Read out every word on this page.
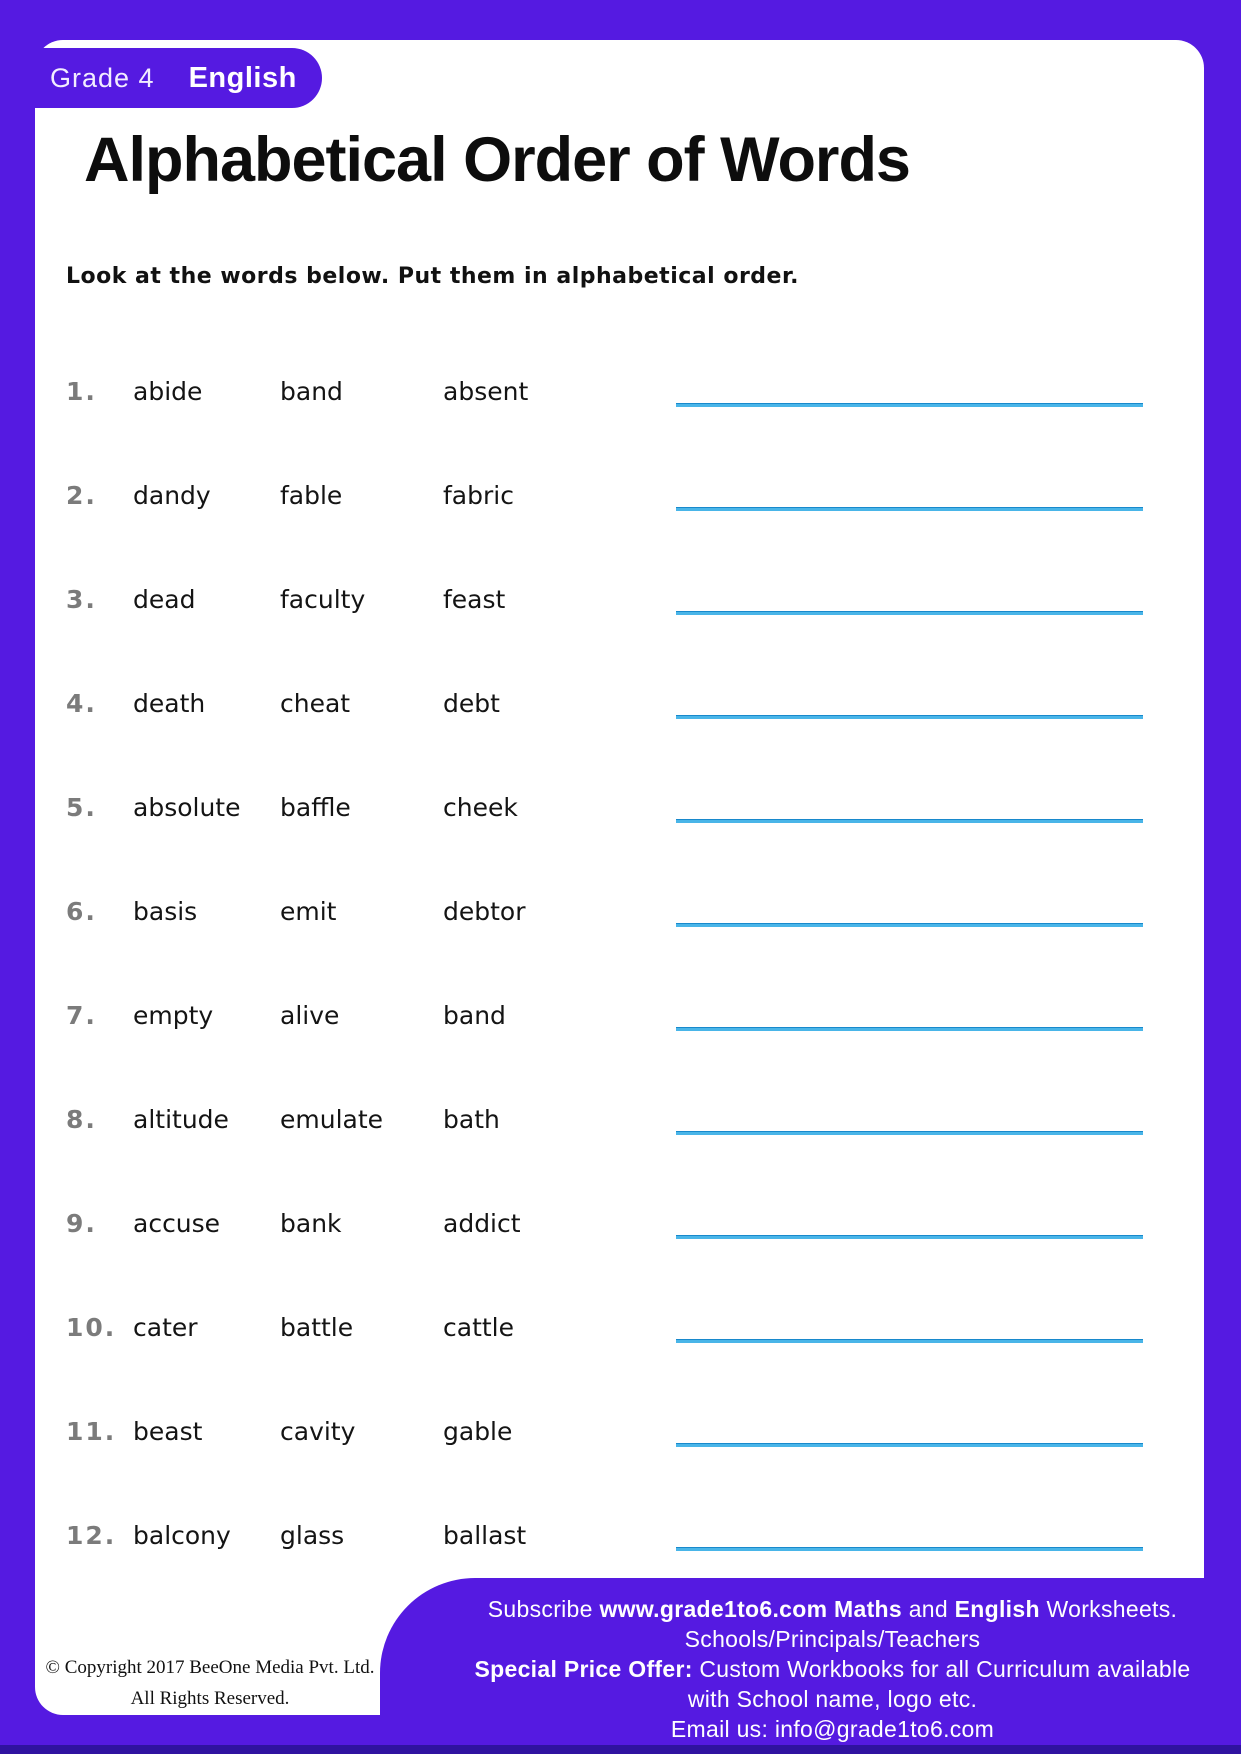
Grade 4 English
Alphabetical Order of Words
Look at the words below. Put them in alphabetical order.
1.	abide	band	absent
2.	dandy	fable	fabric
3.	dead	faculty	feast
4.	death	cheat	debt
5.	absolute baffle	cheek
6.	basis	emit	debtor
7.	empty	alive	band
8.	altitude emulate bath
9.	accuse bank	addict
10. cater	battle	cattle
11. beast	cavity	gable
12. balcony glass	ballast
© Copyright 2017 BeeOne Media Pvt. Ltd.
All Rights Reserved.
Subscribe www.grade1to6.com Maths and English Worksheets.
Schools/Principals/Teachers
Special Price Offer: Custom Workbooks for all Curriculum available
with School name, logo etc.
Email us: info@grade1to6.com
